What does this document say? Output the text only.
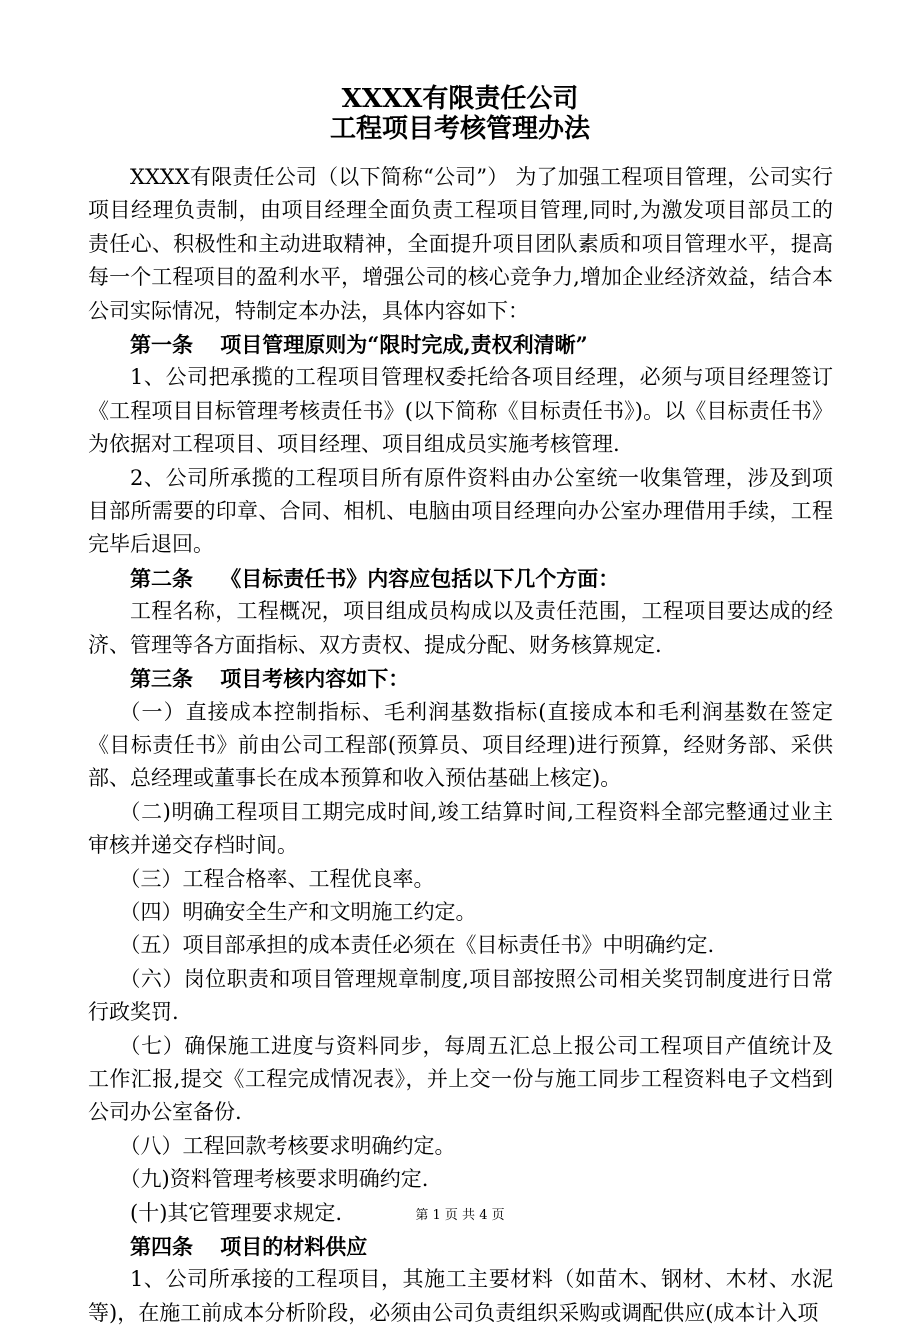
XXXX有限责任公司
工程项目考核管理办法

XXXX有限责任公司（以下简称“公司”） 为了加强工程项目管理，公司实行项目经理负责制，由项目经理全面负责工程项目管理,同时,为激发项目部员工的责任心、积极性和主动进取精神，全面提升项目团队素质和项目管理水平，提高每一个工程项目的盈利水平，增强公司的核心竞争力,增加企业经济效益，结合本公司实际情况，特制定本办法，具体内容如下：

第一条 项目管理原则为“限时完成,责权利清晰”

1、公司把承揽的工程项目管理权委托给各项目经理，必须与项目经理签订《工程项目目标管理考核责任书》(以下简称《目标责任书》)。以《目标责任书》为依据对工程项目、项目经理、项目组成员实施考核管理.

2、公司所承揽的工程项目所有原件资料由办公室统一收集管理，涉及到项目部所需要的印章、合同、相机、电脑由项目经理向办公室办理借用手续，工程完毕后退回。

第二条 《目标责任书》内容应包括以下几个方面：

工程名称，工程概况，项目组成员构成以及责任范围，工程项目要达成的经济、管理等各方面指标、双方责权、提成分配、财务核算规定.

第三条 项目考核内容如下：

（一）直接成本控制指标、毛利润基数指标(直接成本和毛利润基数在签定《目标责任书》前由公司工程部(预算员、项目经理)进行预算，经财务部、采供部、总经理或董事长在成本预算和收入预估基础上核定)。

（二)明确工程项目工期完成时间,竣工结算时间,工程资料全部完整通过业主审核并递交存档时间。

（三）工程合格率、工程优良率。

（四）明确安全生产和文明施工约定。

（五）项目部承担的成本责任必须在《目标责任书》中明确约定.

（六）岗位职责和项目管理规章制度,项目部按照公司相关奖罚制度进行日常行政奖罚.

（七）确保施工进度与资料同步，每周五汇总上报公司工程项目产值统计及工作汇报,提交《工程完成情况表》，并上交一份与施工同步工程资料电子文档到公司办公室备份.

（八）工程回款考核要求明确约定。

（九)资料管理考核要求明确约定.

(十)其它管理要求规定.

第四条 项目的材料供应

1、公司所承接的工程项目，其施工主要材料（如苗木、钢材、木材、水泥等)，在施工前成本分析阶段，必须由公司负责组织采购或调配供应(成本计入项

第 1 页 共 4 页
